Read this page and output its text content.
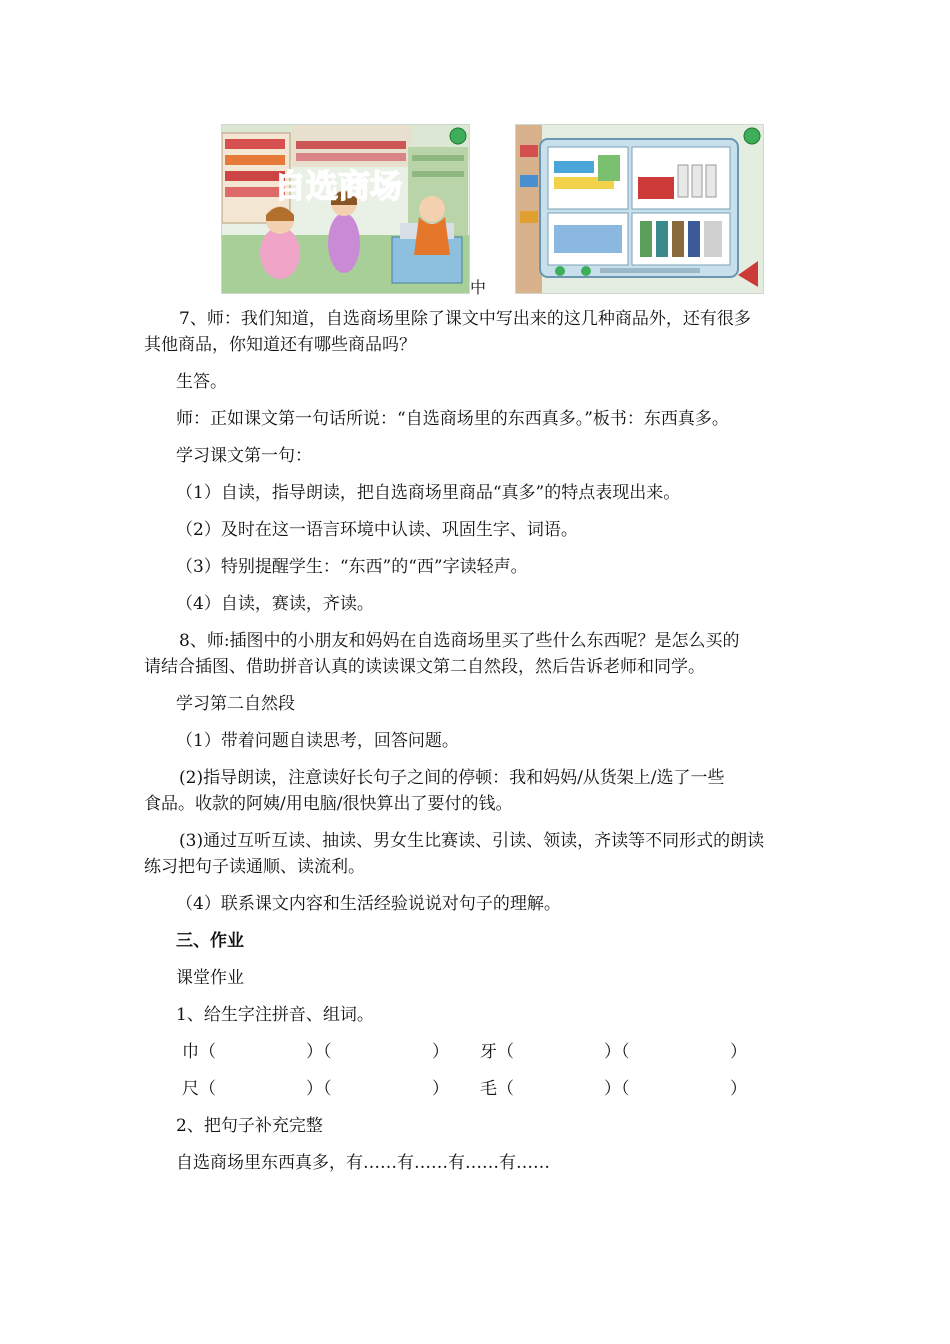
自选商场
中
7、师：我们知道，自选商场里除了课文中写出来的这几种商品外，还有很多
其他商品，你知道还有哪些商品吗？

生答。

师：正如课文第一句话所说：“自选商场里的东西真多。”板书：东西真多。

学习课文第一句：

（1）自读，指导朗读，把自选商场里商品“真多”的特点表现出来。

（2）及时在这一语言环境中认读、巩固生字、词语。

（3）特别提醒学生：“东西”的“西”字读轻声。

（4）自读，赛读，齐读。

8、师:插图中的小朋友和妈妈在自选商场里买了些什么东西呢？是怎么买的
请结合插图、借助拼音认真的读读课文第二自然段，然后告诉老师和同学。

学习第二自然段

（1）带着问题自读思考，回答问题。

(2)指导朗读，注意读好长句子之间的停顿：我和妈妈/从货架上/选了一些
食品。收款的阿姨/用电脑/很快算出了要付的钱。
(3)通过互听互读、抽读、男女生比赛读、引读、领读，齐读等不同形式的朗读
练习把句子读通顺、读流利。

（4）联系课文内容和生活经验说说对句子的理解。

三、作业

课堂作业

1、给生字注拼音、组词。

巾（	）（	） 牙（	）（	）
尺（	）（	） 毛（	）（	）

2、把句子补充完整

自选商场里东西真多，有……有……有……有……
